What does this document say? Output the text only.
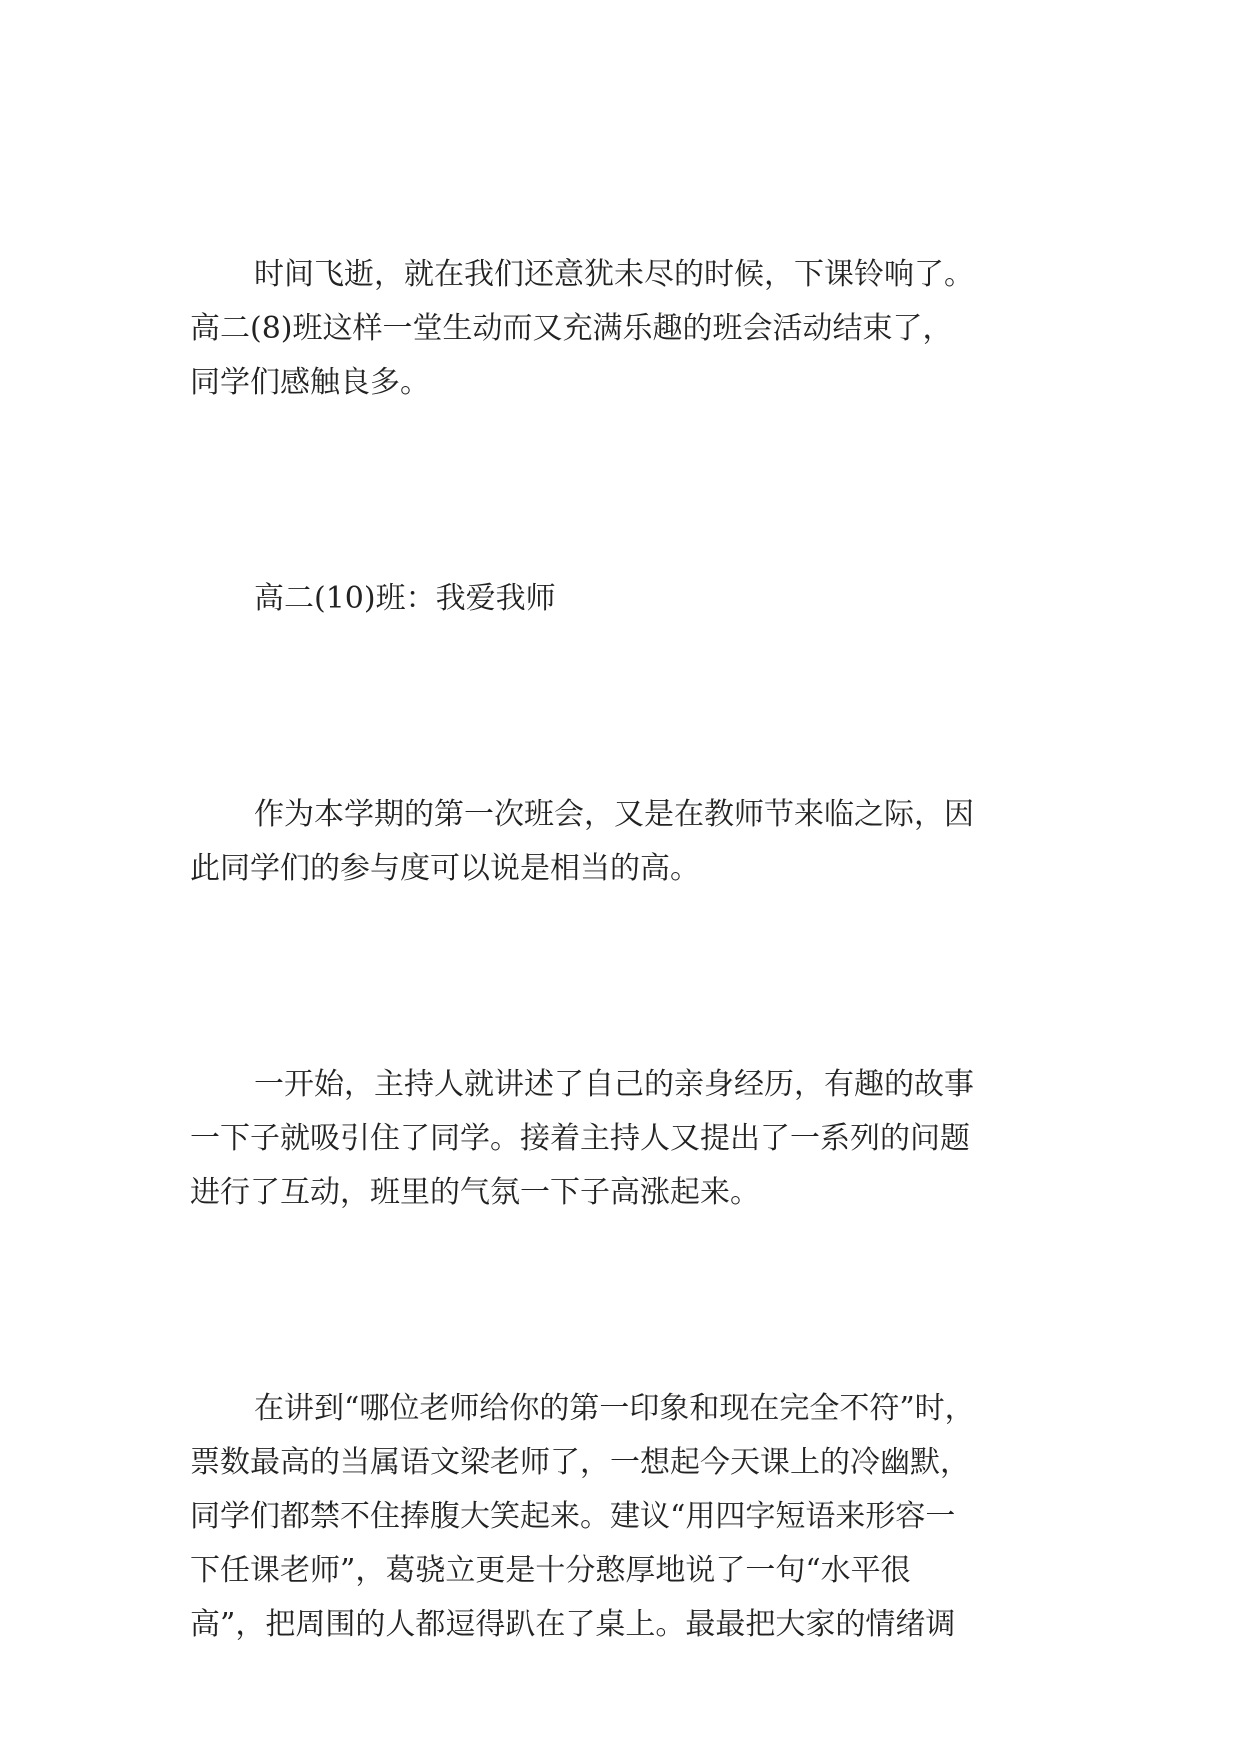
时间飞逝，就在我们还意犹未尽的时候，下课铃响了。
高二(8)班这样一堂生动而又充满乐趣的班会活动结束了，
同学们感触良多。
高二(10)班：我爱我师
作为本学期的第一次班会，又是在教师节来临之际，因
此同学们的参与度可以说是相当的高。
一开始，主持人就讲述了自己的亲身经历，有趣的故事
一下子就吸引住了同学。接着主持人又提出了一系列的问题
进行了互动，班里的气氛一下子高涨起来。
在讲到“哪位老师给你的第一印象和现在完全不符”时，
票数最高的当属语文梁老师了，一想起今天课上的冷幽默，
同学们都禁不住捧腹大笑起来。建议“用四字短语来形容一
下任课老师”，葛骁立更是十分憨厚地说了一句“水平很
高”，把周围的人都逗得趴在了桌上。最最把大家的情绪调
